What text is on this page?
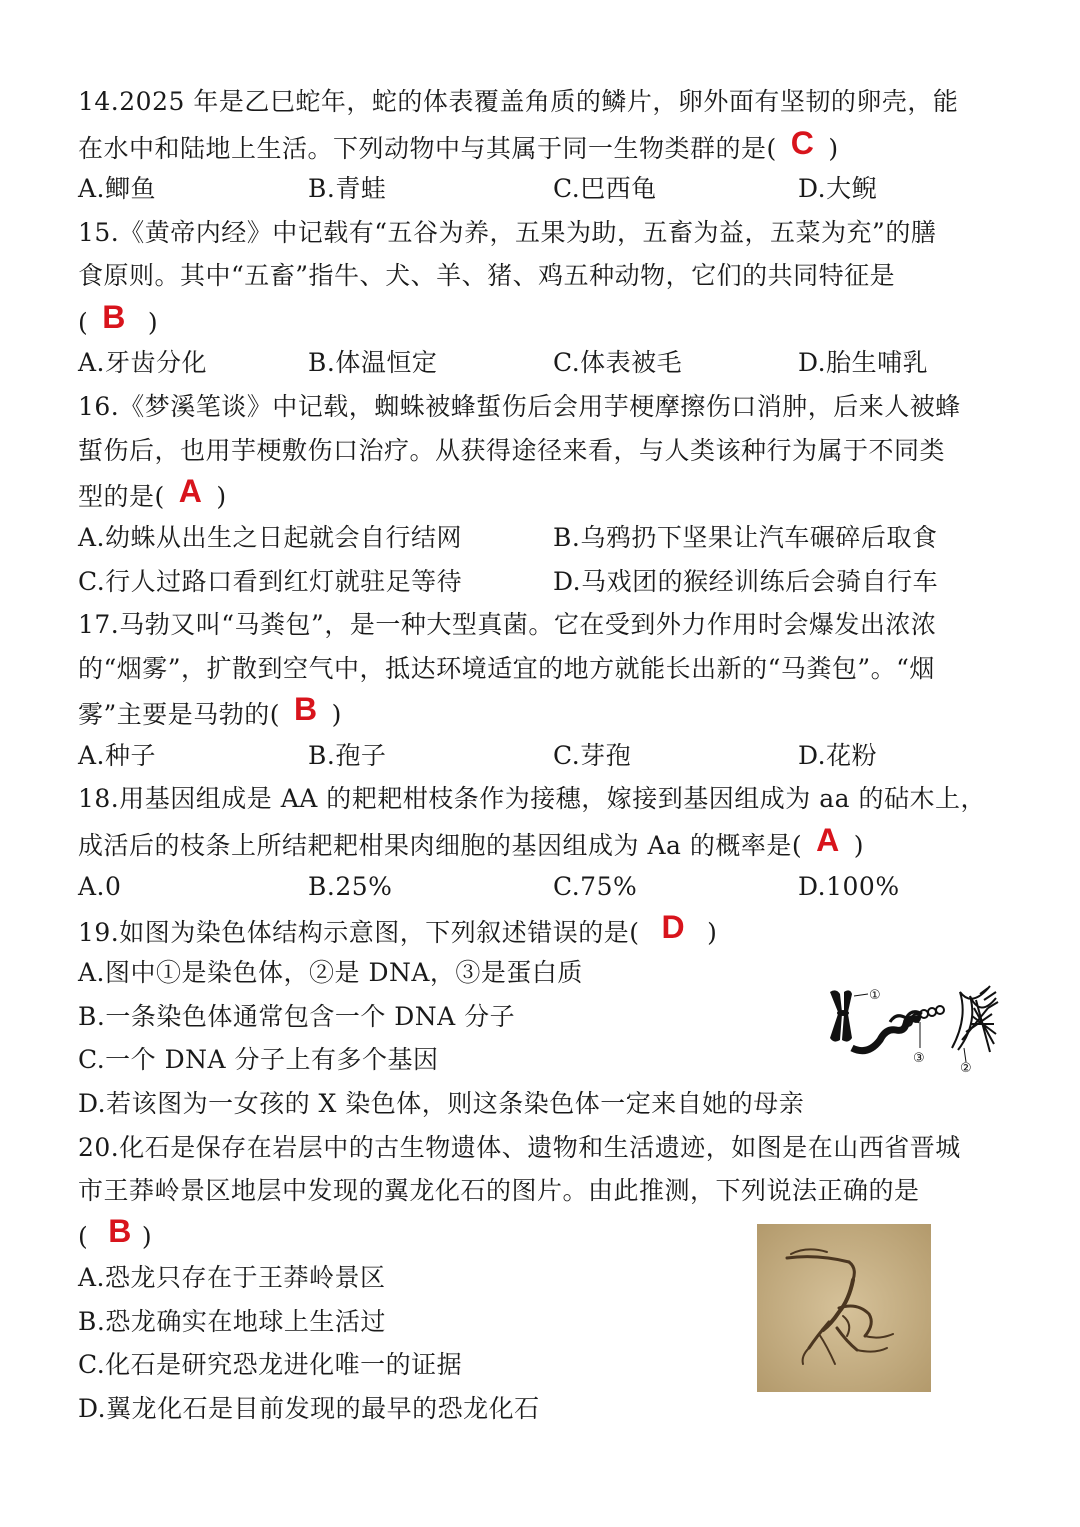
14.2025 年是乙巳蛇年，蛇的体表覆盖角质的鳞片，卵外面有坚韧的卵壳，能

在水中和陆地上生活。下列动物中与其属于同一生物类群的是( C )

A.鲫鱼	B.青蛙	C.巴西龟	D.大鲵

15.《黄帝内经》中记载有“五谷为养，五果为助，五畜为益，五菜为充”的膳

食原则。其中“五畜”指牛、犬、羊、猪、鸡五种动物，它们的共同特征是

( B )

A.牙齿分化	B.体温恒定	C.体表被毛	D.胎生哺乳

16.《梦溪笔谈》中记载，蜘蛛被蜂蜇伤后会用芋梗摩擦伤口消肿，后来人被蜂

蜇伤后，也用芋梗敷伤口治疗。从获得途径来看，与人类该种行为属于不同类

型的是( A )

A.幼蛛从出生之日起就会自行结网	B.乌鸦扔下坚果让汽车碾碎后取食
C.行人过路口看到红灯就驻足等待	D.马戏团的猴经训练后会骑自行车

17.马勃又叫“马粪包”，是一种大型真菌。它在受到外力作用时会爆发出浓浓

的“烟雾”，扩散到空气中，抵达环境适宜的地方就能长出新的“马粪包”。“烟

雾”主要是马勃的( B )

A.种子	B.孢子	C.芽孢	D.花粉

18.用基因组成是 AA 的耙耙柑枝条作为接穗，嫁接到基因组成为 aa 的砧木上，

成活后的枝条上所结耙耙柑果肉细胞的基因组成为 Aa 的概率是( A )

A.0	B.25%	C.75%	D.100%

19.如图为染色体结构示意图，下列叙述错误的是( D )

A.图中①是染色体，②是 DNA，③是蛋白质
B.一条染色体通常包含一个 DNA 分子
C.一个 DNA 分子上有多个基因
D.若该图为一女孩的 X 染色体，则这条染色体一定来自她的母亲
①
②
③

20.化石是保存在岩层中的古生物遗体、遗物和生活遗迹，如图是在山西省晋城

市王莽岭景区地层中发现的翼龙化石的图片。由此推测，下列说法正确的是

( B )

A.恐龙只存在于王莽岭景区
B.恐龙确实在地球上生活过
C.化石是研究恐龙进化唯一的证据
D.翼龙化石是目前发现的最早的恐龙化石
